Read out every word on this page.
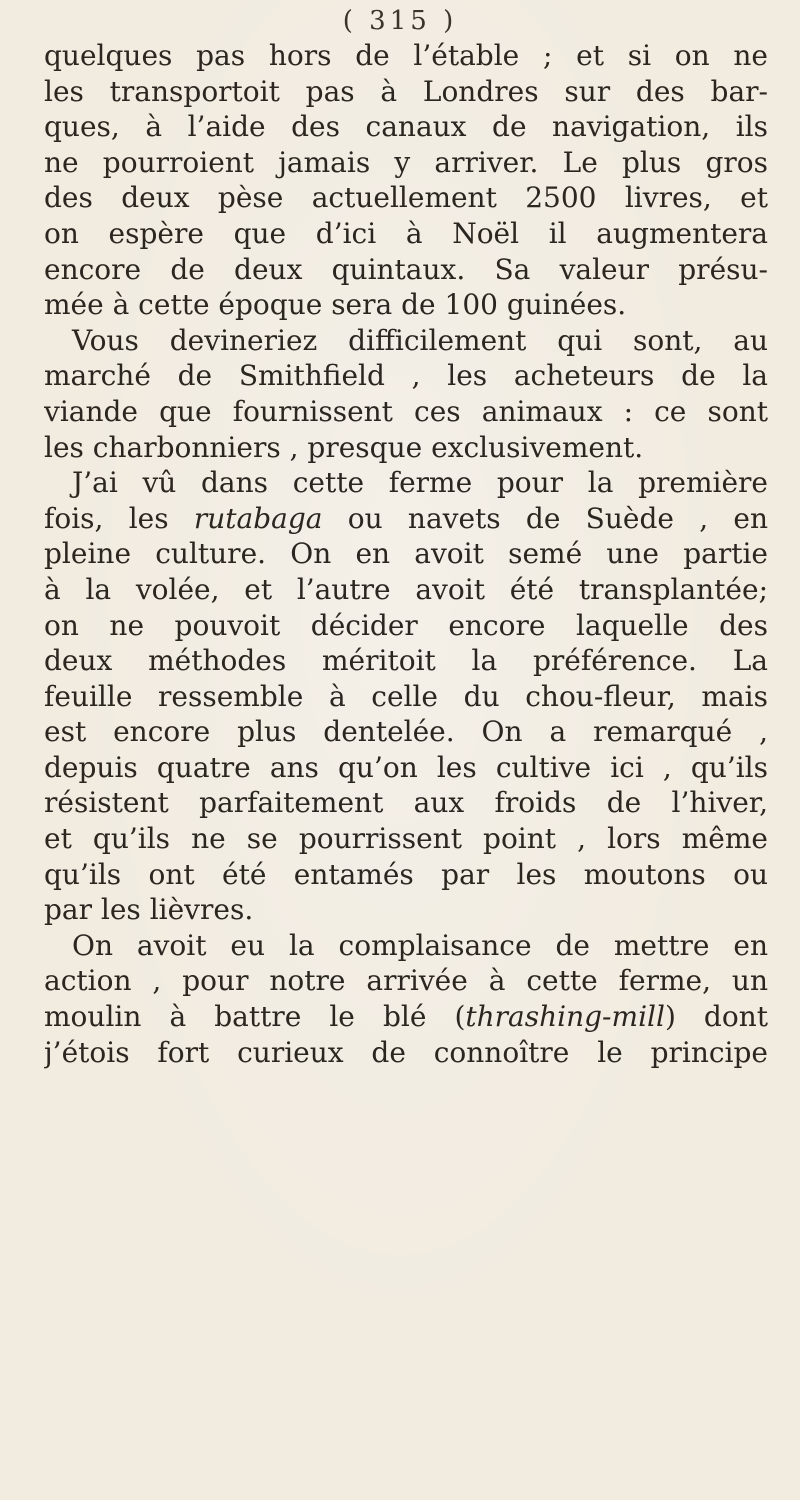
( 315 )
quelques pas hors de l’étable ; et si on ne
les transportoit pas à Londres sur des bar-
ques, à l’aide des canaux de navigation, ils
ne pourroient jamais y arriver. Le plus gros
des deux pèse actuellement 2500 livres, et
on espère que d’ici à Noël il augmentera
encore de deux quintaux. Sa valeur présu-
mée à cette époque sera de 100 guinées.
Vous devineriez difficilement qui sont, au
marché de Smithfield , les acheteurs de la
viande que fournissent ces animaux : ce sont
les charbonniers , presque exclusivement.
J’ai vû dans cette ferme pour la première
fois, les rutabaga ou navets de Suède , en
pleine culture. On en avoit semé une partie
à la volée, et l’autre avoit été transplantée;
on ne pouvoit décider encore laquelle des
deux méthodes méritoit la préférence. La
feuille ressemble à celle du chou-fleur, mais
est encore plus dentelée. On a remarqué ,
depuis quatre ans qu’on les cultive ici , qu’ils
résistent parfaitement aux froids de l’hiver,
et qu’ils ne se pourrissent point , lors même
qu’ils ont été entamés par les moutons ou
par les lièvres.
On avoit eu la complaisance de mettre en
action , pour notre arrivée à cette ferme, un
moulin à battre le blé (thrashing-mill) dont
j’étois fort curieux de connoître le principe
